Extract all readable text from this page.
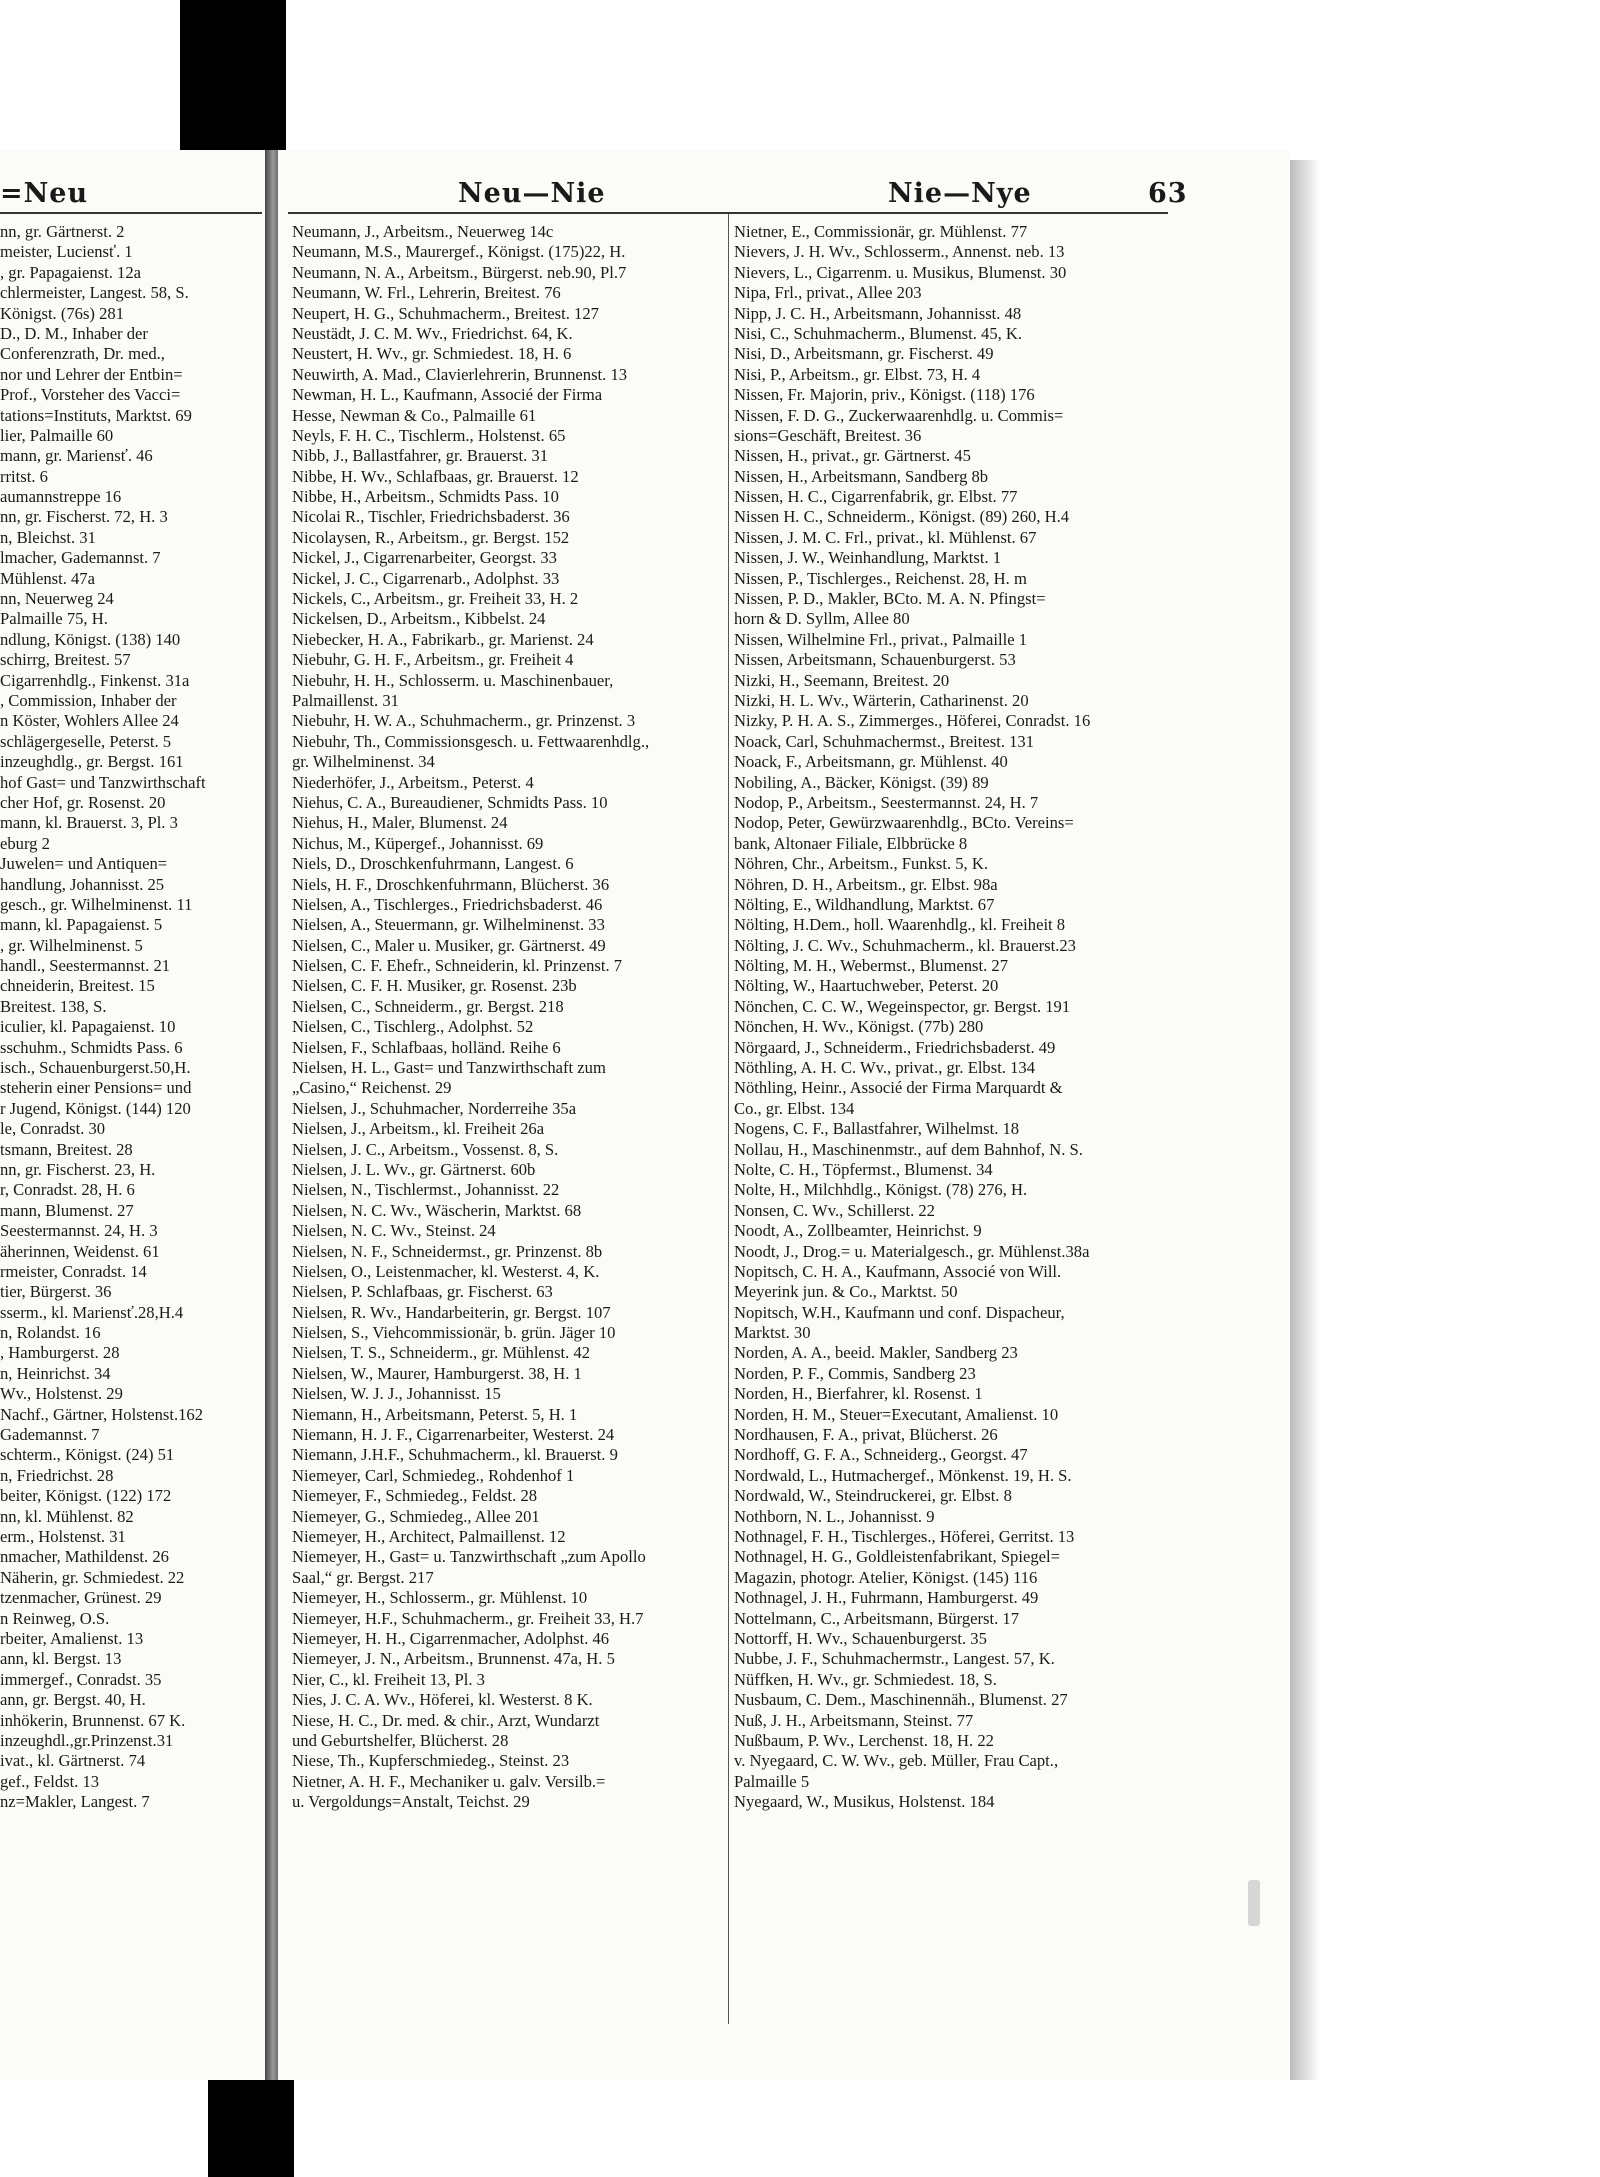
=Neu
nn, gr. Gärtnerst. 2
meister, Luciensť. 1
, gr. Papagaienst. 12a
chlermeister, Langest. 58, S.
Königst. (76s) 281
D., D. M., Inhaber der
Conferenzrath, Dr. med.,
nor und Lehrer der Entbin=
Prof., Vorsteher des Vacci=
tations=Instituts, Marktst. 69
lier, Palmaille 60
mann, gr. Mariensť. 46
rritst. 6
aumannstreppe 16
nn, gr. Fischerst. 72, H. 3
n, Bleichst. 31
lmacher, Gademannst. 7
Mühlenst. 47a
nn, Neuerweg 24
Palmaille 75, H.
ndlung, Königst. (138) 140
schirrg, Breitest. 57
Cigarrenhdlg., Finkenst. 31a
, Commission, Inhaber der
n Köster, Wohlers Allee 24
schlägergeselle, Peterst. 5
inzeughdlg., gr. Bergst. 161
hof Gast= und Tanzwirthschaft
cher Hof, gr. Rosenst. 20
mann, kl. Brauerst. 3, Pl. 3
eburg 2
Juwelen= und Antiquen=
handlung, Johannisst. 25
gesch., gr. Wilhelminenst. 11
mann, kl. Papagaienst. 5
, gr. Wilhelminenst. 5
handl., Seestermannst. 21
chneiderin, Breitest. 15
Breitest. 138, S.
iculier, kl. Papagaienst. 10
sschuhm., Schmidts Pass. 6
isch., Schauenburgerst.50,H.
steherin einer Pensions= und
r Jugend, Königst. (144) 120
le, Conradst. 30
tsmann, Breitest. 28
nn, gr. Fischerst. 23, H.
r, Conradst. 28, H. 6
mann, Blumenst. 27
Seestermannst. 24, H. 3
äherinnen, Weidenst. 61
rmeister, Conradst. 14
tier, Bürgerst. 36
sserm., kl. Mariensť.28,H.4
n, Rolandst. 16
, Hamburgerst. 28
n, Heinrichst. 34
Wv., Holstenst. 29
Nachf., Gärtner, Holstenst.162
Gademannst. 7
schterm., Königst. (24) 51
n, Friedrichst. 28
beiter, Königst. (122) 172
nn, kl. Mühlenst. 82
erm., Holstenst. 31
nmacher, Mathildenst. 26
Näherin, gr. Schmiedest. 22
tzenmacher, Grünest. 29
n Reinweg, O.S.
rbeiter, Amalienst. 13
ann, kl. Bergst. 13
immergef., Conradst. 35
ann, gr. Bergst. 40, H.
inhökerin, Brunnenst. 67 K.
inzeughdl.,gr.Prinzenst.31
ivat., kl. Gärtnerst. 74
gef., Feldst. 13
nz=Makler, Langest. 7
Neu—Nie	Nie—Nye	63
Neumann, J., Arbeitsm., Neuerweg 14c
Neumann, M.S., Maurergef., Königst. (175)22, H.
Neumann, N. A., Arbeitsm., Bürgerst. neb.90, Pl.7
Neumann, W. Frl., Lehrerin, Breitest. 76
Neupert, H. G., Schuhmacherm., Breitest. 127
Neustädt, J. C. M. Wv., Friedrichst. 64, K.
Neustert, H. Wv., gr. Schmiedest. 18, H. 6
Neuwirth, A. Mad., Clavierlehrerin, Brunnenst. 13
Newman, H. L., Kaufmann, Associé der Firma
Hesse, Newman & Co., Palmaille 61
Neyls, F. H. C., Tischlerm., Holstenst. 65
Nibb, J., Ballastfahrer, gr. Brauerst. 31
Nibbe, H. Wv., Schlafbaas, gr. Brauerst. 12
Nibbe, H., Arbeitsm., Schmidts Pass. 10
Nicolai R., Tischler, Friedrichsbaderst. 36
Nicolaysen, R., Arbeitsm., gr. Bergst. 152
Nickel, J., Cigarrenarbeiter, Georgst. 33
Nickel, J. C., Cigarrenarb., Adolphst. 33
Nickels, C., Arbeitsm., gr. Freiheit 33, H. 2
Nickelsen, D., Arbeitsm., Kibbelst. 24
Niebecker, H. A., Fabrikarb., gr. Marienst. 24
Niebuhr, G. H. F., Arbeitsm., gr. Freiheit 4
Niebuhr, H. H., Schlosserm. u. Maschinenbauer,
Palmaillenst. 31
Niebuhr, H. W. A., Schuhmacherm., gr. Prinzenst. 3
Niebuhr, Th., Commissionsgesch. u. Fettwaarenhdlg.,
gr. Wilhelminenst. 34
Niederhöfer, J., Arbeitsm., Peterst. 4
Niehus, C. A., Bureaudiener, Schmidts Pass. 10
Niehus, H., Maler, Blumenst. 24
Nichus, M., Küpergef., Johannisst. 69
Niels, D., Droschkenfuhrmann, Langest. 6
Niels, H. F., Droschkenfuhrmann, Blücherst. 36
Nielsen, A., Tischlerges., Friedrichsbaderst. 46
Nielsen, A., Steuermann, gr. Wilhelminenst. 33
Nielsen, C., Maler u. Musiker, gr. Gärtnerst. 49
Nielsen, C. F. Ehefr., Schneiderin, kl. Prinzenst. 7
Nielsen, C. F. H. Musiker, gr. Rosenst. 23b
Nielsen, C., Schneiderm., gr. Bergst. 218
Nielsen, C., Tischlerg., Adolphst. 52
Nielsen, F., Schlafbaas, holländ. Reihe 6
Nielsen, H. L., Gast= und Tanzwirthschaft zum
„Casino,“ Reichenst. 29
Nielsen, J., Schuhmacher, Norderreihe 35a
Nielsen, J., Arbeitsm., kl. Freiheit 26a
Nielsen, J. C., Arbeitsm., Vossenst. 8, S.
Nielsen, J. L. Wv., gr. Gärtnerst. 60b
Nielsen, N., Tischlermst., Johannisst. 22
Nielsen, N. C. Wv., Wäscherin, Marktst. 68
Nielsen, N. C. Wv., Steinst. 24
Nielsen, N. F., Schneidermst., gr. Prinzenst. 8b
Nielsen, O., Leistenmacher, kl. Westerst. 4, K.
Nielsen, P. Schlafbaas, gr. Fischerst. 63
Nielsen, R. Wv., Handarbeiterin, gr. Bergst. 107
Nielsen, S., Viehcommissionär, b. grün. Jäger 10
Nielsen, T. S., Schneiderm., gr. Mühlenst. 42
Nielsen, W., Maurer, Hamburgerst. 38, H. 1
Nielsen, W. J. J., Johannisst. 15
Niemann, H., Arbeitsmann, Peterst. 5, H. 1
Niemann, H. J. F., Cigarrenarbeiter, Westerst. 24
Niemann, J.H.F., Schuhmacherm., kl. Brauerst. 9
Niemeyer, Carl, Schmiedeg., Rohdenhof 1
Niemeyer, F., Schmiedeg., Feldst. 28
Niemeyer, G., Schmiedeg., Allee 201
Niemeyer, H., Architect, Palmaillenst. 12
Niemeyer, H., Gast= u. Tanzwirthschaft „zum Apollo
Saal,“ gr. Bergst. 217
Niemeyer, H., Schlosserm., gr. Mühlenst. 10
Niemeyer, H.F., Schuhmacherm., gr. Freiheit 33, H.7
Niemeyer, H. H., Cigarrenmacher, Adolphst. 46
Niemeyer, J. N., Arbeitsm., Brunnenst. 47a, H. 5
Nier, C., kl. Freiheit 13, Pl. 3
Nies, J. C. A. Wv., Höferei, kl. Westerst. 8 K.
Niese, H. C., Dr. med. & chir., Arzt, Wundarzt
und Geburtshelfer, Blücherst. 28
Niese, Th., Kupferschmiedeg., Steinst. 23
Nietner, A. H. F., Mechaniker u. galv. Versilb.=
u. Vergoldungs=Anstalt, Teichst. 29
Nietner, E., Commissionär, gr. Mühlenst. 77
Nievers, J. H. Wv., Schlosserm., Annenst. neb. 13
Nievers, L., Cigarrenm. u. Musikus, Blumenst. 30
Nipa, Frl., privat., Allee 203
Nipp, J. C. H., Arbeitsmann, Johannisst. 48
Nisi, C., Schuhmacherm., Blumenst. 45, K.
Nisi, D., Arbeitsmann, gr. Fischerst. 49
Nisi, P., Arbeitsm., gr. Elbst. 73, H. 4
Nissen, Fr. Majorin, priv., Königst. (118) 176
Nissen, F. D. G., Zuckerwaarenhdlg. u. Commis=
sions=Geschäft, Breitest. 36
Nissen, H., privat., gr. Gärtnerst. 45
Nissen, H., Arbeitsmann, Sandberg 8b
Nissen, H. C., Cigarrenfabrik, gr. Elbst. 77
Nissen H. C., Schneiderm., Königst. (89) 260, H.4
Nissen, J. M. C. Frl., privat., kl. Mühlenst. 67
Nissen, J. W., Weinhandlung, Marktst. 1
Nissen, P., Tischlerges., Reichenst. 28, H. m
Nissen, P. D., Makler, BCto. M. A. N. Pfingst=
horn & D. Syllm, Allee 80
Nissen, Wilhelmine Frl., privat., Palmaille 1
Nissen, Arbeitsmann, Schauenburgerst. 53
Nizki, H., Seemann, Breitest. 20
Nizki, H. L. Wv., Wärterin, Catharinenst. 20
Nizky, P. H. A. S., Zimmerges., Höferei, Conradst. 16
Noack, Carl, Schuhmachermst., Breitest. 131
Noack, F., Arbeitsmann, gr. Mühlenst. 40
Nobiling, A., Bäcker, Königst. (39) 89
Nodop, P., Arbeitsm., Seestermannst. 24, H. 7
Nodop, Peter, Gewürzwaarenhdlg., BCto. Vereins=
bank, Altonaer Filiale, Elbbrücke 8
Nöhren, Chr., Arbeitsm., Funkst. 5, K.
Nöhren, D. H., Arbeitsm., gr. Elbst. 98a
Nölting, E., Wildhandlung, Marktst. 67
Nölting, H.Dem., holl. Waarenhdlg., kl. Freiheit 8
Nölting, J. C. Wv., Schuhmacherm., kl. Brauerst.23
Nölting, M. H., Webermst., Blumenst. 27
Nölting, W., Haartuchweber, Peterst. 20
Nönchen, C. C. W., Wegeinspector, gr. Bergst. 191
Nönchen, H. Wv., Königst. (77b) 280
Nörgaard, J., Schneiderm., Friedrichsbaderst. 49
Nöthling, A. H. C. Wv., privat., gr. Elbst. 134
Nöthling, Heinr., Associé der Firma Marquardt &
Co., gr. Elbst. 134
Nogens, C. F., Ballastfahrer, Wilhelmst. 18
Nollau, H., Maschinenmstr., auf dem Bahnhof, N. S.
Nolte, C. H., Töpfermst., Blumenst. 34
Nolte, H., Milchhdlg., Königst. (78) 276, H.
Nonsen, C. Wv., Schillerst. 22
Noodt, A., Zollbeamter, Heinrichst. 9
Noodt, J., Drog.= u. Materialgesch., gr. Mühlenst.38a
Nopitsch, C. H. A., Kaufmann, Associé von Will.
Meyerink jun. & Co., Marktst. 50
Nopitsch, W.H., Kaufmann und conf. Dispacheur,
Marktst. 30
Norden, A. A., beeid. Makler, Sandberg 23
Norden, P. F., Commis, Sandberg 23
Norden, H., Bierfahrer, kl. Rosenst. 1
Norden, H. M., Steuer=Executant, Amalienst. 10
Nordhausen, F. A., privat, Blücherst. 26
Nordhoff, G. F. A., Schneiderg., Georgst. 47
Nordwald, L., Hutmachergef., Mönkenst. 19, H. S.
Nordwald, W., Steindruckerei, gr. Elbst. 8
Nothborn, N. L., Johannisst. 9
Nothnagel, F. H., Tischlerges., Höferei, Gerritst. 13
Nothnagel, H. G., Goldleistenfabrikant, Spiegel=
Magazin, photogr. Atelier, Königst. (145) 116
Nothnagel, J. H., Fuhrmann, Hamburgerst. 49
Nottelmann, C., Arbeitsmann, Bürgerst. 17
Nottorff, H. Wv., Schauenburgerst. 35
Nubbe, J. F., Schuhmachermstr., Langest. 57, K.
Nüffken, H. Wv., gr. Schmiedest. 18, S.
Nusbaum, C. Dem., Maschinennäh., Blumenst. 27
Nuß, J. H., Arbeitsmann, Steinst. 77
Nußbaum, P. Wv., Lerchenst. 18, H. 22
v. Nyegaard, C. W. Wv., geb. Müller, Frau Capt.,
Palmaille 5
Nyegaard, W., Musikus, Holstenst. 184
